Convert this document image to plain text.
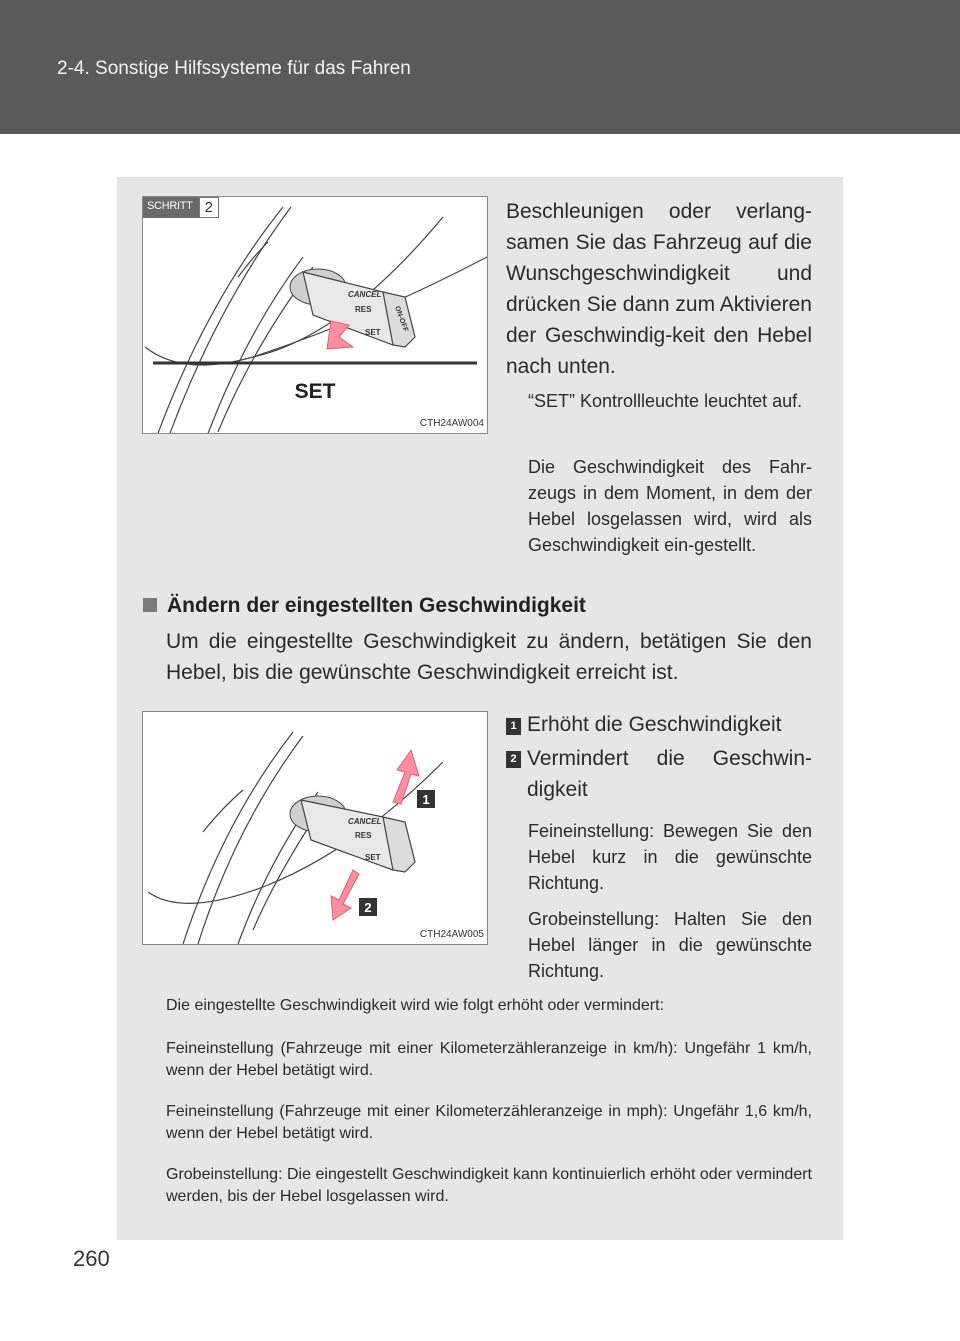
2-4. Sonstige Hilfssysteme für das Fahren
CANCEL
RES
SET ON-OFF
SCHRITT 2
SET
CTH24AW004
Beschleunigen oder verlang-samen Sie das Fahrzeug auf die Wunschgeschwindigkeit und drücken Sie dann zum Aktivieren der Geschwindig-keit den Hebel nach unten.
“SET” Kontrollleuchte leuchtet auf.
Die Geschwindigkeit des Fahr-zeugs in dem Moment, in dem der Hebel losgelassen wird, wird als Geschwindigkeit ein-gestellt.
Ändern der eingestellten Geschwindigkeit
Um die eingestellte Geschwindigkeit zu ändern, betätigen Sie den Hebel, bis die gewünschte Geschwindigkeit erreicht ist.
CANCEL
RES
SET
1
2
CTH24AW005
1 Erhöht die Geschwindigkeit
2 Vermindert die Geschwin-digkeit
Feineinstellung: Bewegen Sie den Hebel kurz in die gewünschte Richtung.
Grobeinstellung: Halten Sie den Hebel länger in die gewünschte Richtung.
Die eingestellte Geschwindigkeit wird wie folgt erhöht oder vermindert:
Feineinstellung (Fahrzeuge mit einer Kilometerzähleranzeige in km/h): Ungefähr 1 km/h, wenn der Hebel betätigt wird.
Feineinstellung (Fahrzeuge mit einer Kilometerzähleranzeige in mph): Ungefähr 1,6 km/h, wenn der Hebel betätigt wird.
Grobeinstellung: Die eingestellt Geschwindigkeit kann kontinuierlich erhöht oder vermindert werden, bis der Hebel losgelassen wird.
260
